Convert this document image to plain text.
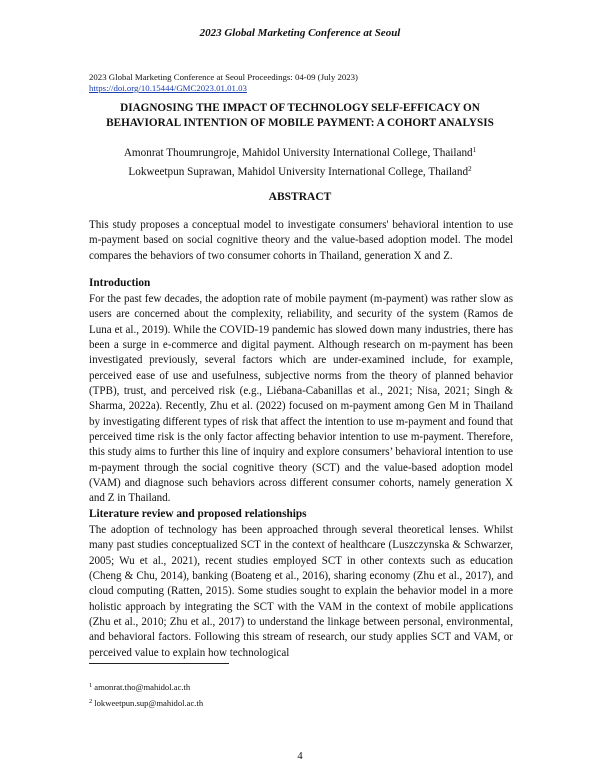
2023 Global Marketing Conference at Seoul
2023 Global Marketing Conference at Seoul Proceedings: 04-09 (July 2023)
https://doi.org/10.15444/GMC2023.01.01.03
DIAGNOSING THE IMPACT OF TECHNOLOGY SELF-EFFICACY ON
BEHAVIORAL INTENTION OF MOBILE PAYMENT: A COHORT ANALYSIS
Amonrat Thoumrungroje, Mahidol University International College, Thailand$^1$
Lokweetpun Suprawan, Mahidol University International College, Thailand$^2$
ABSTRACT
This study proposes a conceptual model to investigate consumers' behavioral intention to use m-payment based on social cognitive theory and the value-based adoption model. The model compares the behaviors of two consumer cohorts in Thailand, generation X and Z.
Introduction
For the past few decades, the adoption rate of mobile payment (m-payment) was rather slow as users are concerned about the complexity, reliability, and security of the system (Ramos de Luna et al., 2019). While the COVID-19 pandemic has slowed down many industries, there has been a surge in e-commerce and digital payment. Although research on m-payment has been investigated previously, several factors which are under-examined include, for example, perceived ease of use and usefulness, subjective norms from the theory of planned behavior (TPB), trust, and perceived risk (e.g., Liébana-Cabanillas et al., 2021; Nisa, 2021; Singh & Sharma, 2022a). Recently, Zhu et al. (2022) focused on m-payment among Gen M in Thailand by investigating different types of risk that affect the intention to use m-payment and found that perceived time risk is the only factor affecting behavior intention to use m-payment. Therefore, this study aims to further this line of inquiry and explore consumers’ behavioral intention to use m-payment through the social cognitive theory (SCT) and the value-based adoption model (VAM) and diagnose such behaviors across different consumer cohorts, namely generation X and Z in Thailand.
Literature review and proposed relationships
The adoption of technology has been approached through several theoretical lenses. Whilst many past studies conceptualized SCT in the context of healthcare (Luszczynska & Schwarzer, 2005; Wu et al., 2021), recent studies employed SCT in other contexts such as education (Cheng & Chu, 2014), banking (Boateng et al., 2016), sharing economy (Zhu et al., 2017), and cloud computing (Ratten, 2015). Some studies sought to explain the behavior model in a more holistic approach by integrating the SCT with the VAM in the context of mobile applications (Zhu et al., 2010; Zhu et al., 2017) to understand the linkage between personal, environmental, and behavioral factors. Following this stream of research, our study applies SCT and VAM, or perceived value to explain how technological
$^1$ amonrat.tho@mahidol.ac.th
$^2$ lokweetpun.sup@mahidol.ac.th
4
